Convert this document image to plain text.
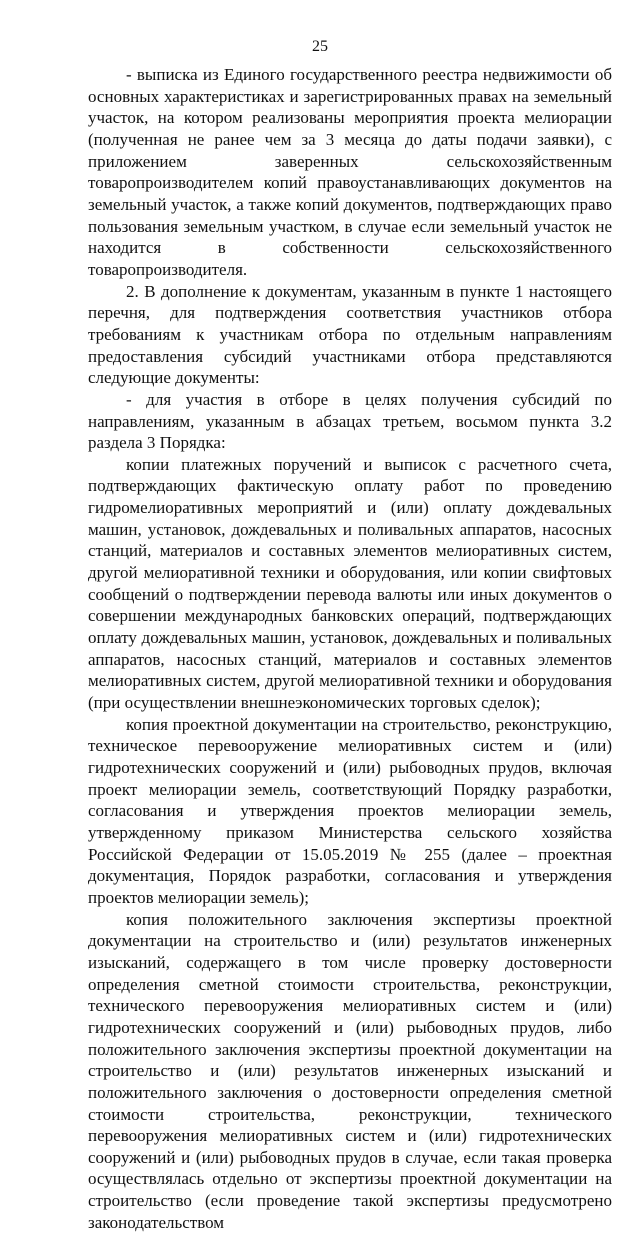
25

- выписка из Единого государственного реестра недвижимости об основных характеристиках и зарегистрированных правах на земельный участок, на котором реализованы мероприятия проекта мелиорации (полученная не ранее чем за 3 месяца до даты подачи заявки), с приложением заверенных сельскохозяйственным товаропроизводителем копий правоустанавливающих документов на земельный участок, а также копий документов, подтверждающих право пользования земельным участком, в случае если земельный участок не находится в собственности сельскохозяйственного товаропроизводителя.

2. В дополнение к документам, указанным в пункте 1 настоящего перечня, для подтверждения соответствия участников отбора требованиям к участникам отбора по отдельным направлениям предоставления субсидий участниками отбора представляются следующие документы:

- для участия в отборе в целях получения субсидий по направлениям, указанным в абзацах третьем, восьмом пункта 3.2 раздела 3 Порядка:

копии платежных поручений и выписок с расчетного счета, подтверждающих фактическую оплату работ по проведению гидромелиоративных мероприятий и (или) оплату дождевальных машин, установок, дождевальных и поливальных аппаратов, насосных станций, материалов и составных элементов мелиоративных систем, другой мелиоративной техники и оборудования, или копии свифтовых сообщений о подтверждении перевода валюты или иных документов о совершении международных банковских операций, подтверждающих оплату дождевальных машин, установок, дождевальных и поливальных аппаратов, насосных станций, материалов и составных элементов мелиоративных систем, другой мелиоративной техники и оборудования (при осуществлении внешнеэкономических торговых сделок);

копия проектной документации на строительство, реконструкцию, техническое перевооружение мелиоративных систем и (или) гидротехнических сооружений и (или) рыбоводных прудов, включая проект мелиорации земель, соответствующий Порядку разработки, согласования и утверждения проектов мелиорации земель, утвержденному приказом Министерства сельского хозяйства Российской Федерации от 15.05.2019 № 255 (далее – проектная документация, Порядок разработки, согласования и утверждения проектов мелиорации земель);

копия положительного заключения экспертизы проектной документации на строительство и (или) результатов инженерных изысканий, содержащего в том числе проверку достоверности определения сметной стоимости строительства, реконструкции, технического перевооружения мелиоративных систем и (или) гидротехнических сооружений и (или) рыбоводных прудов, либо положительного заключения экспертизы проектной документации на строительство и (или) результатов инженерных изысканий и положительного заключения о достоверности определения сметной стоимости строительства, реконструкции, технического перевооружения мелиоративных систем и (или) гидротехнических сооружений и (или) рыбоводных прудов в случае, если такая проверка осуществлялась отдельно от экспертизы проектной документации на строительство (если проведение такой экспертизы предусмотрено законодательством
